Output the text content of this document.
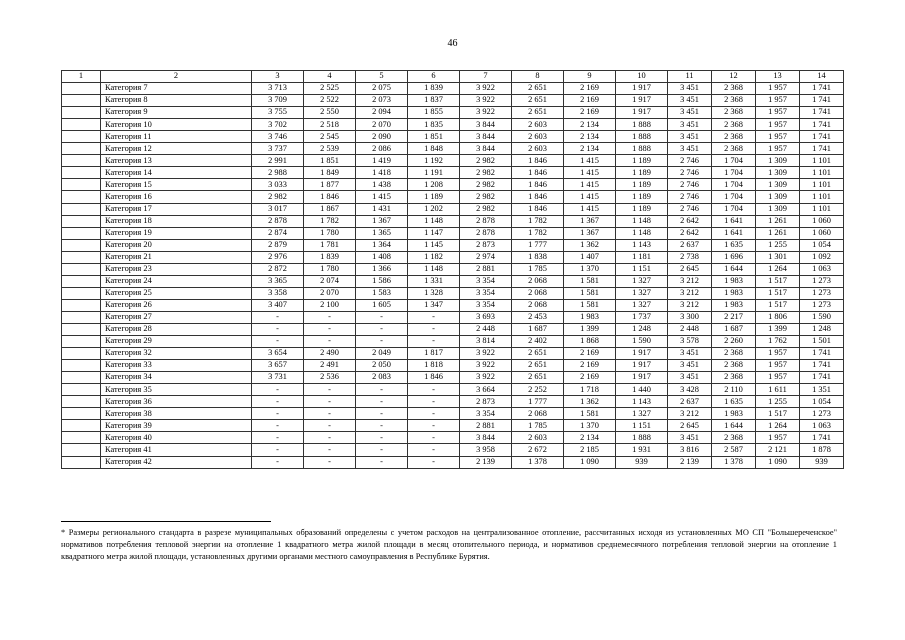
46
1	2	3	4	5	6	7	8	9	10	11	12	13	14
	Категория 7	3 713	2 525	2 075	1 839	3 922	2 651	2 169	1 917	3 451	2 368	1 957	1 741
	Категория 8	3 709	2 522	2 073	1 837	3 922	2 651	2 169	1 917	3 451	2 368	1 957	1 741
	Категория 9	3 755	2 550	2 094	1 855	3 922	2 651	2 169	1 917	3 451	2 368	1 957	1 741
	Категория 10	3 702	2 518	2 070	1 835	3 844	2 603	2 134	1 888	3 451	2 368	1 957	1 741
	Категория 11	3 746	2 545	2 090	1 851	3 844	2 603	2 134	1 888	3 451	2 368	1 957	1 741
	Категория 12	3 737	2 539	2 086	1 848	3 844	2 603	2 134	1 888	3 451	2 368	1 957	1 741
	Категория 13	2 991	1 851	1 419	1 192	2 982	1 846	1 415	1 189	2 746	1 704	1 309	1 101
	Категория 14	2 988	1 849	1 418	1 191	2 982	1 846	1 415	1 189	2 746	1 704	1 309	1 101
	Категория 15	3 033	1 877	1 438	1 208	2 982	1 846	1 415	1 189	2 746	1 704	1 309	1 101
	Категория 16	2 982	1 846	1 415	1 189	2 982	1 846	1 415	1 189	2 746	1 704	1 309	1 101
	Категория 17	3 017	1 867	1 431	1 202	2 982	1 846	1 415	1 189	2 746	1 704	1 309	1 101
	Категория 18	2 878	1 782	1 367	1 148	2 878	1 782	1 367	1 148	2 642	1 641	1 261	1 060
	Категория 19	2 874	1 780	1 365	1 147	2 878	1 782	1 367	1 148	2 642	1 641	1 261	1 060
	Категория 20	2 879	1 781	1 364	1 145	2 873	1 777	1 362	1 143	2 637	1 635	1 255	1 054
	Категория 21	2 976	1 839	1 408	1 182	2 974	1 838	1 407	1 181	2 738	1 696	1 301	1 092
	Категория 23	2 872	1 780	1 366	1 148	2 881	1 785	1 370	1 151	2 645	1 644	1 264	1 063
	Категория 24	3 365	2 074	1 586	1 331	3 354	2 068	1 581	1 327	3 212	1 983	1 517	1 273
	Категория 25	3 358	2 070	1 583	1 328	3 354	2 068	1 581	1 327	3 212	1 983	1 517	1 273
	Категория 26	3 407	2 100	1 605	1 347	3 354	2 068	1 581	1 327	3 212	1 983	1 517	1 273
	Категория 27	-	-	-	-	3 693	2 453	1 983	1 737	3 300	2 217	1 806	1 590
	Категория 28	-	-	-	-	2 448	1 687	1 399	1 248	2 448	1 687	1 399	1 248
	Категория 29	-	-	-	-	3 814	2 402	1 868	1 590	3 578	2 260	1 762	1 501
	Категория 32	3 654	2 490	2 049	1 817	3 922	2 651	2 169	1 917	3 451	2 368	1 957	1 741
	Категория 33	3 657	2 491	2 050	1 818	3 922	2 651	2 169	1 917	3 451	2 368	1 957	1 741
	Категория 34	3 731	2 536	2 083	1 846	3 922	2 651	2 169	1 917	3 451	2 368	1 957	1 741
	Категория 35	-	-	-	-	3 664	2 252	1 718	1 440	3 428	2 110	1 611	1 351
	Категория 36	-	-	-	-	2 873	1 777	1 362	1 143	2 637	1 635	1 255	1 054
	Категория 38	-	-	-	-	3 354	2 068	1 581	1 327	3 212	1 983	1 517	1 273
	Категория 39	-	-	-	-	2 881	1 785	1 370	1 151	2 645	1 644	1 264	1 063
	Категория 40	-	-	-	-	3 844	2 603	2 134	1 888	3 451	2 368	1 957	1 741
	Категория 41	-	-	-	-	3 958	2 672	2 185	1 931	3 816	2 587	2 121	1 878
	Категория 42	-	-	-	-	2 139	1 378	1 090	939	2 139	1 378	1 090	939
* Размеры регионального стандарта в разрезе муниципальных образований определены с учетом расходов на централизованное отопление, рассчитанных исходя из установленных МО СП "Большереченское" нормативов потребления тепловой энергии на отопление 1 квадратного метра жилой площади в месяц отопительного периода, и нормативов среднемесячного потребления тепловой энергии на отопление 1 квадратного метра жилой площади, установленных другими органами местного самоуправления в Республике Бурятия.
